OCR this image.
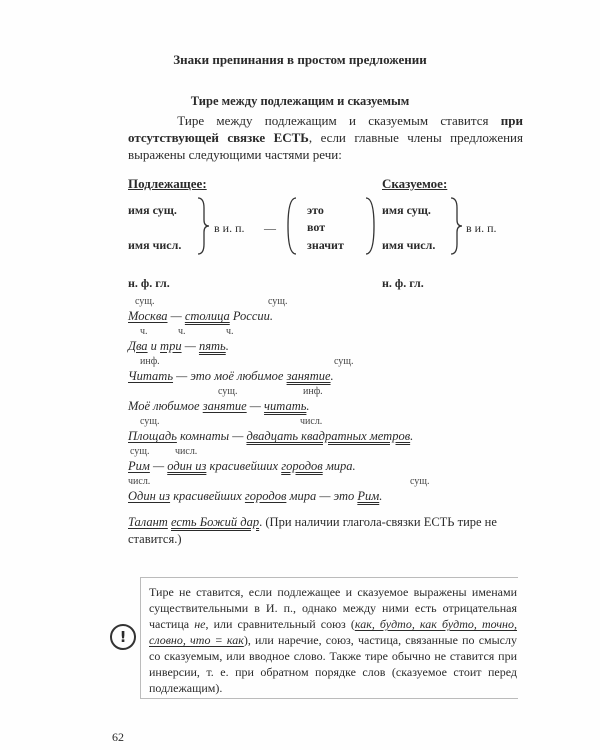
Знаки препинания в простом предложении
Тире между подлежащим и сказуемым
Тире между подлежащим и сказуемым ставится при отсутствующей связке ЕСТЬ, если главные члены предложения выражены следующими частями речи:
Подлежащее:	Сказуемое:
имя сущ.
имя числ.
в и. п. —
это
вот
значит
имя сущ.
имя числ.
в и. п.
н. ф. гл.	н. ф. гл.
сущ.	сущ.
Москва — столица России.
ч.	ч.	ч.
Два и три — пять.
инф.	сущ.
Читать — это моё любимое занятие.
сущ.	инф.
Моё любимое занятие — читать.
сущ.	числ.
Площадь комнаты — двадцать квадратных метров.
сущ.	числ.
Рим — один из красивейших городов мира.
числ.	сущ.
Один из красивейших городов мира — это Рим.
Талант есть Божий дар. (При наличии глагола-связки ЕСТЬ тире не ставится.)
!
Тире не ставится, если подлежащее и сказуемое выражены именами существительными в И. п., однако между ними есть отрицательная частица не, или сравнительный союз (как, будто, как будто, точно, словно, что = как), или наречие, союз, частица, связанные по смыслу со сказуемым, или вводное слово. Также тире обычно не ставится при инверсии, т. е. при обратном порядке слов (сказуемое стоит перед подлежащим).
62
